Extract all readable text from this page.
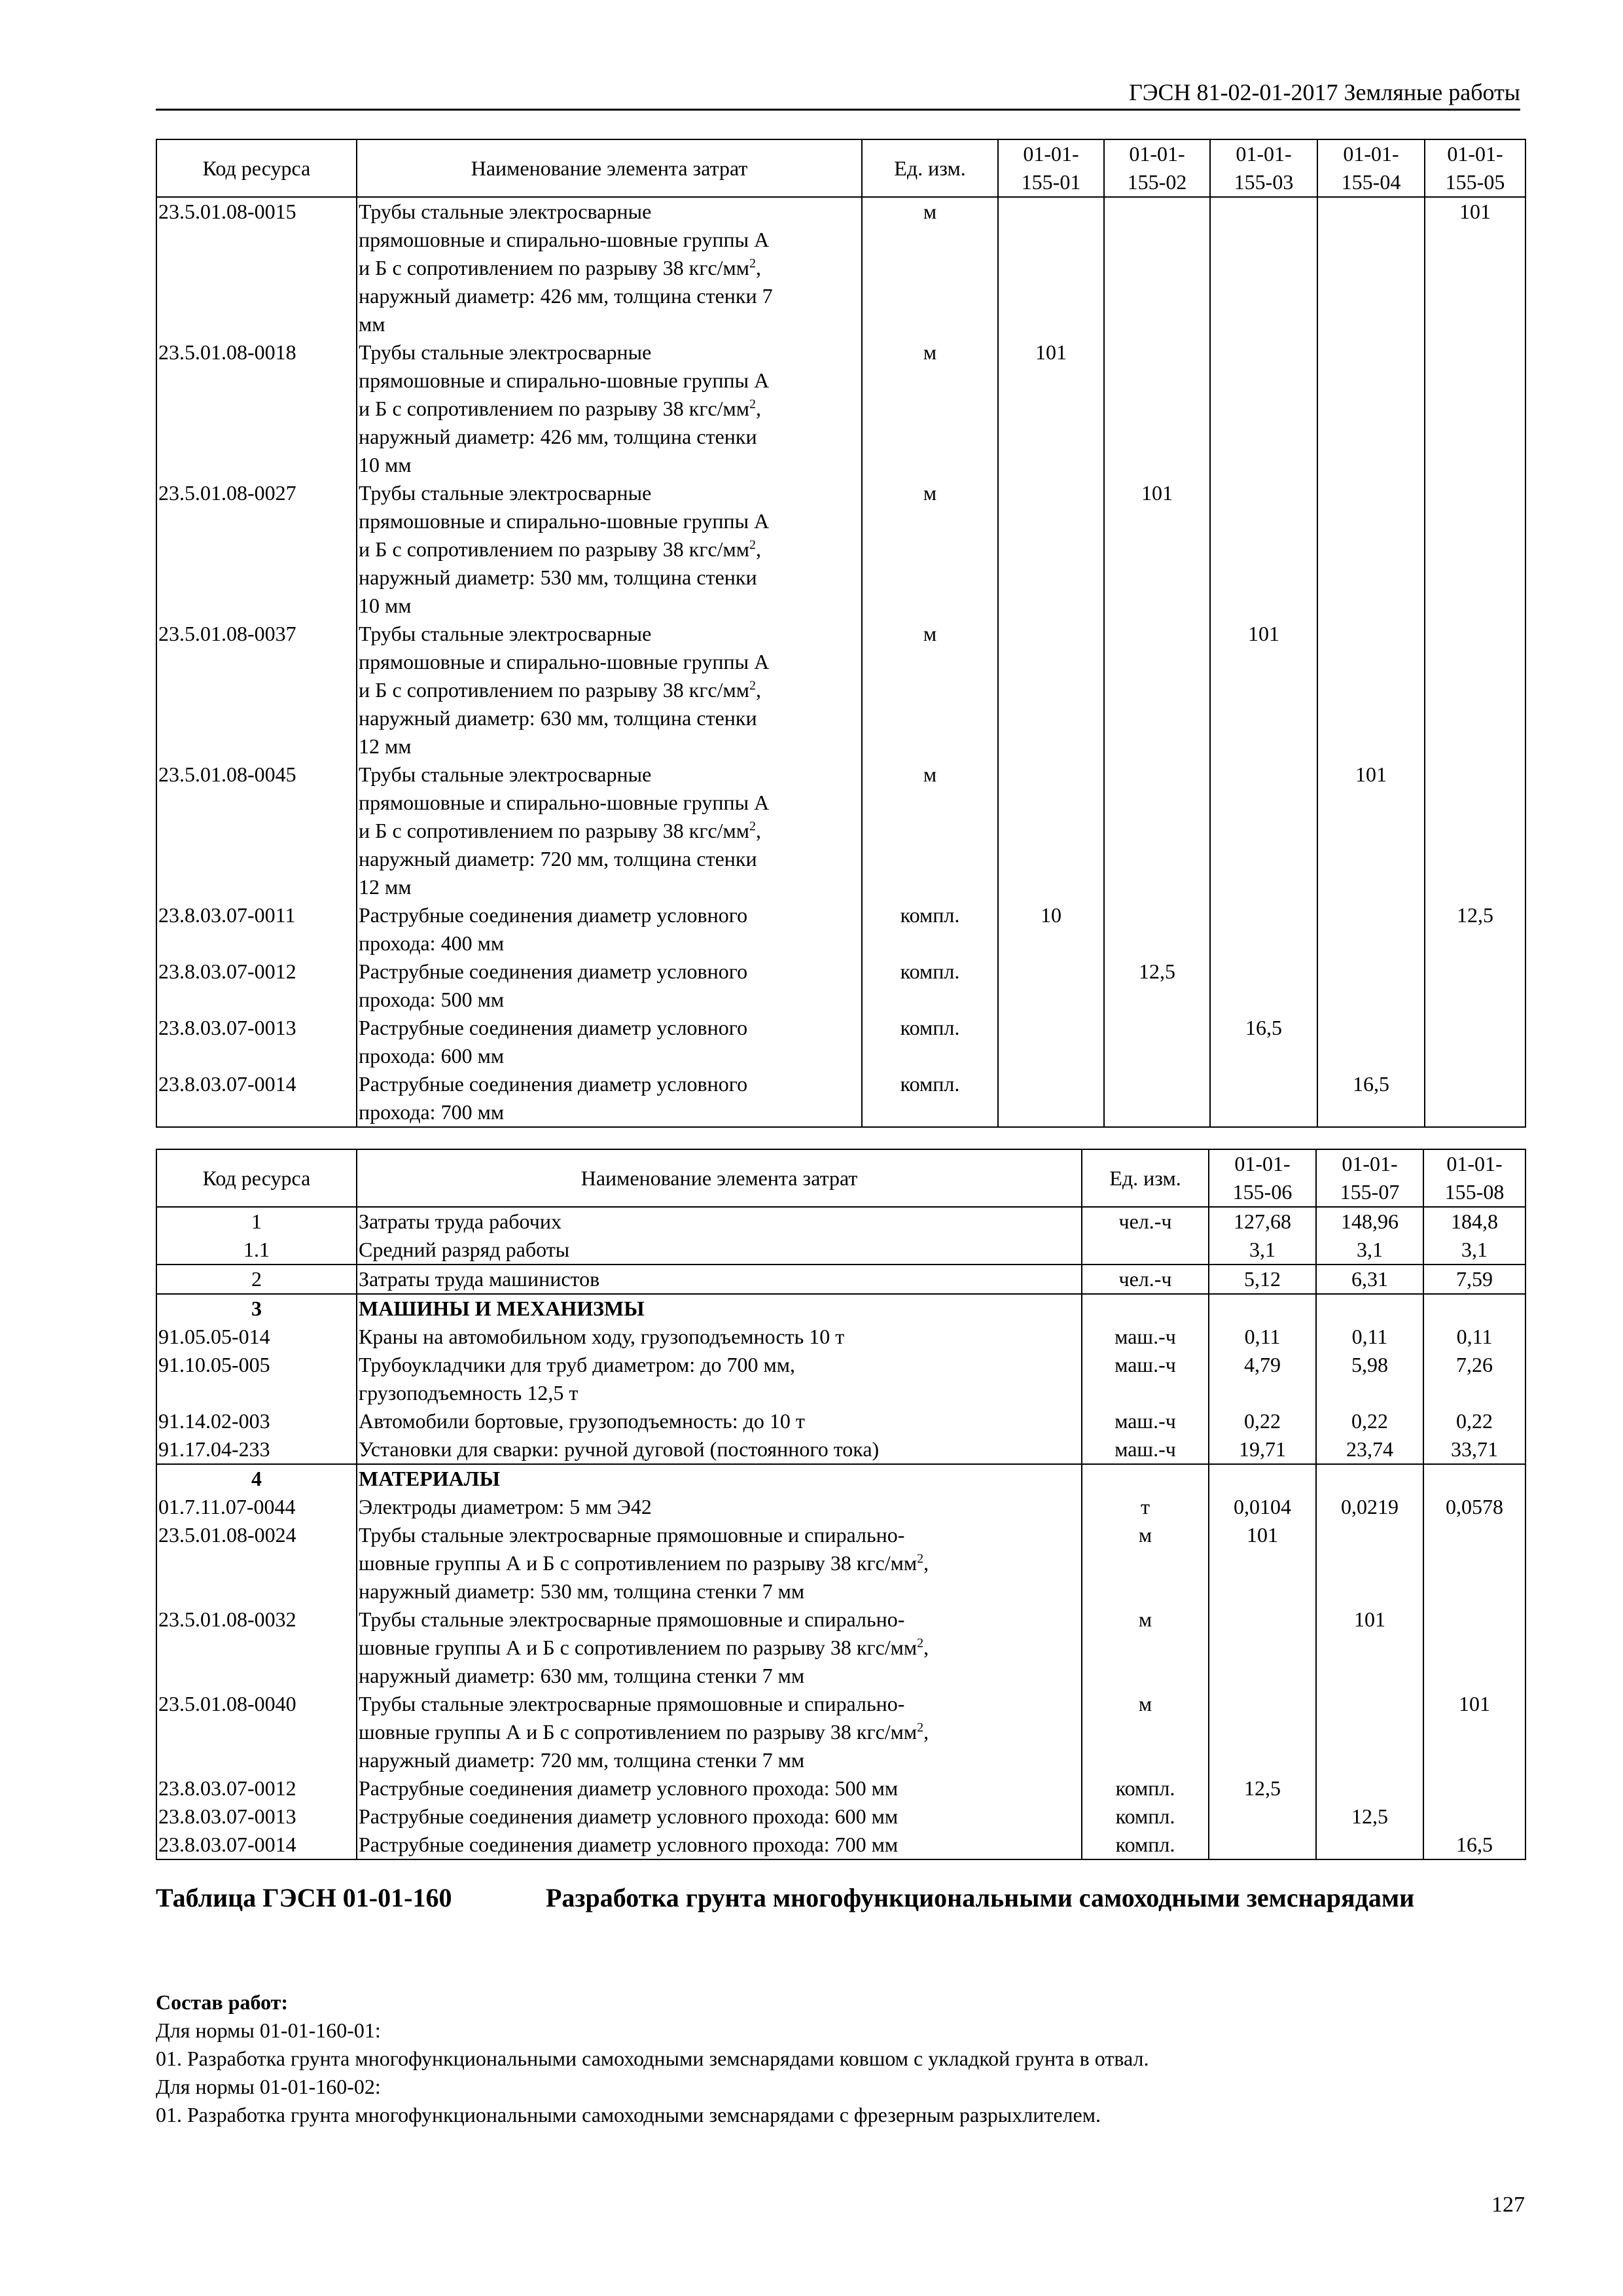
ГЭСН 81-02-01-2017 Земляные работы
Код ресурса	Наименование элемента затрат	Ед. изм.	01-01-
155-01	01-01-
155-02	01-01-
155-03	01-01-
155-04	01-01-
155-05
23.5.01.08-0015	Трубы стальные электросварные
прямошовные и спирально-шовные группы А
и Б с сопротивлением по разрыву 38 кгс/$мм^2$,
наружный диаметр: 426 мм, толщина стенки 7
мм	м					101
23.5.01.08-0018	Трубы стальные электросварные
прямошовные и спирально-шовные группы А
и Б с сопротивлением по разрыву 38 кгс/$мм^2$,
наружный диаметр: 426 мм, толщина стенки
10 мм	м	101				
23.5.01.08-0027	Трубы стальные электросварные
прямошовные и спирально-шовные группы А
и Б с сопротивлением по разрыву 38 кгс/$мм^2$,
наружный диаметр: 530 мм, толщина стенки
10 мм	м		101			
23.5.01.08-0037	Трубы стальные электросварные
прямошовные и спирально-шовные группы А
и Б с сопротивлением по разрыву 38 кгс/$мм^2$,
наружный диаметр: 630 мм, толщина стенки
12 мм	м			101		
23.5.01.08-0045	Трубы стальные электросварные
прямошовные и спирально-шовные группы А
и Б с сопротивлением по разрыву 38 кгс/$мм^2$,
наружный диаметр: 720 мм, толщина стенки
12 мм	м				101	
23.8.03.07-0011	Раструбные соединения диаметр условного
прохода: 400 мм	компл.	10				12,5
23.8.03.07-0012	Раструбные соединения диаметр условного
прохода: 500 мм	компл.		12,5			
23.8.03.07-0013	Раструбные соединения диаметр условного
прохода: 600 мм	компл.			16,5		
23.8.03.07-0014	Раструбные соединения диаметр условного
прохода: 700 мм	компл.				16,5	
Код ресурса	Наименование элемента затрат	Ед. изм.	01-01-
155-06	01-01-
155-07	01-01-
155-08
1	Затраты труда рабочих	чел.-ч	127,68	148,96	184,8
1.1	Средний разряд работы		3,1	3,1	3,1
2	Затраты труда машинистов	чел.-ч	5,12	6,31	7,59
3	МАШИНЫ И МЕХАНИЗМЫ				
91.05.05-014	Краны на автомобильном ходу, грузоподъемность 10 т	маш.-ч	0,11	0,11	0,11
91.10.05-005	Трубоукладчики для труб диаметром: до 700 мм,
грузоподъемность 12,5 т	маш.-ч	4,79	5,98	7,26
91.14.02-003	Автомобили бортовые, грузоподъемность: до 10 т	маш.-ч	0,22	0,22	0,22
91.17.04-233	Установки для сварки: ручной дуговой (постоянного тока)	маш.-ч	19,71	23,74	33,71
4	МАТЕРИАЛЫ				
01.7.11.07-0044	Электроды диаметром: 5 мм Э42	т	0,0104	0,0219	0,0578
23.5.01.08-0024	Трубы стальные электросварные прямошовные и спирально-
шовные группы А и Б с сопротивлением по разрыву 38 кгс/$мм^2$,
наружный диаметр: 530 мм, толщина стенки 7 мм	м	101		
23.5.01.08-0032	Трубы стальные электросварные прямошовные и спирально-
шовные группы А и Б с сопротивлением по разрыву 38 кгс/$мм^2$,
наружный диаметр: 630 мм, толщина стенки 7 мм	м		101	
23.5.01.08-0040	Трубы стальные электросварные прямошовные и спирально-
шовные группы А и Б с сопротивлением по разрыву 38 кгс/$мм^2$,
наружный диаметр: 720 мм, толщина стенки 7 мм	м			101
23.8.03.07-0012	Раструбные соединения диаметр условного прохода: 500 мм	компл.	12,5		
23.8.03.07-0013	Раструбные соединения диаметр условного прохода: 600 мм	компл.		12,5	
23.8.03.07-0014	Раструбные соединения диаметр условного прохода: 700 мм	компл.			16,5
Таблица ГЭСН 01-01-160	Разработка грунта многофункциональными самоходными земснарядами
Состав работ:
Для нормы 01-01-160-01:
01. Разработка грунта многофункциональными самоходными земснарядами ковшом с укладкой грунта в отвал.
Для нормы 01-01-160-02:
01. Разработка грунта многофункциональными самоходными земснарядами с фрезерным разрыхлителем.
127
